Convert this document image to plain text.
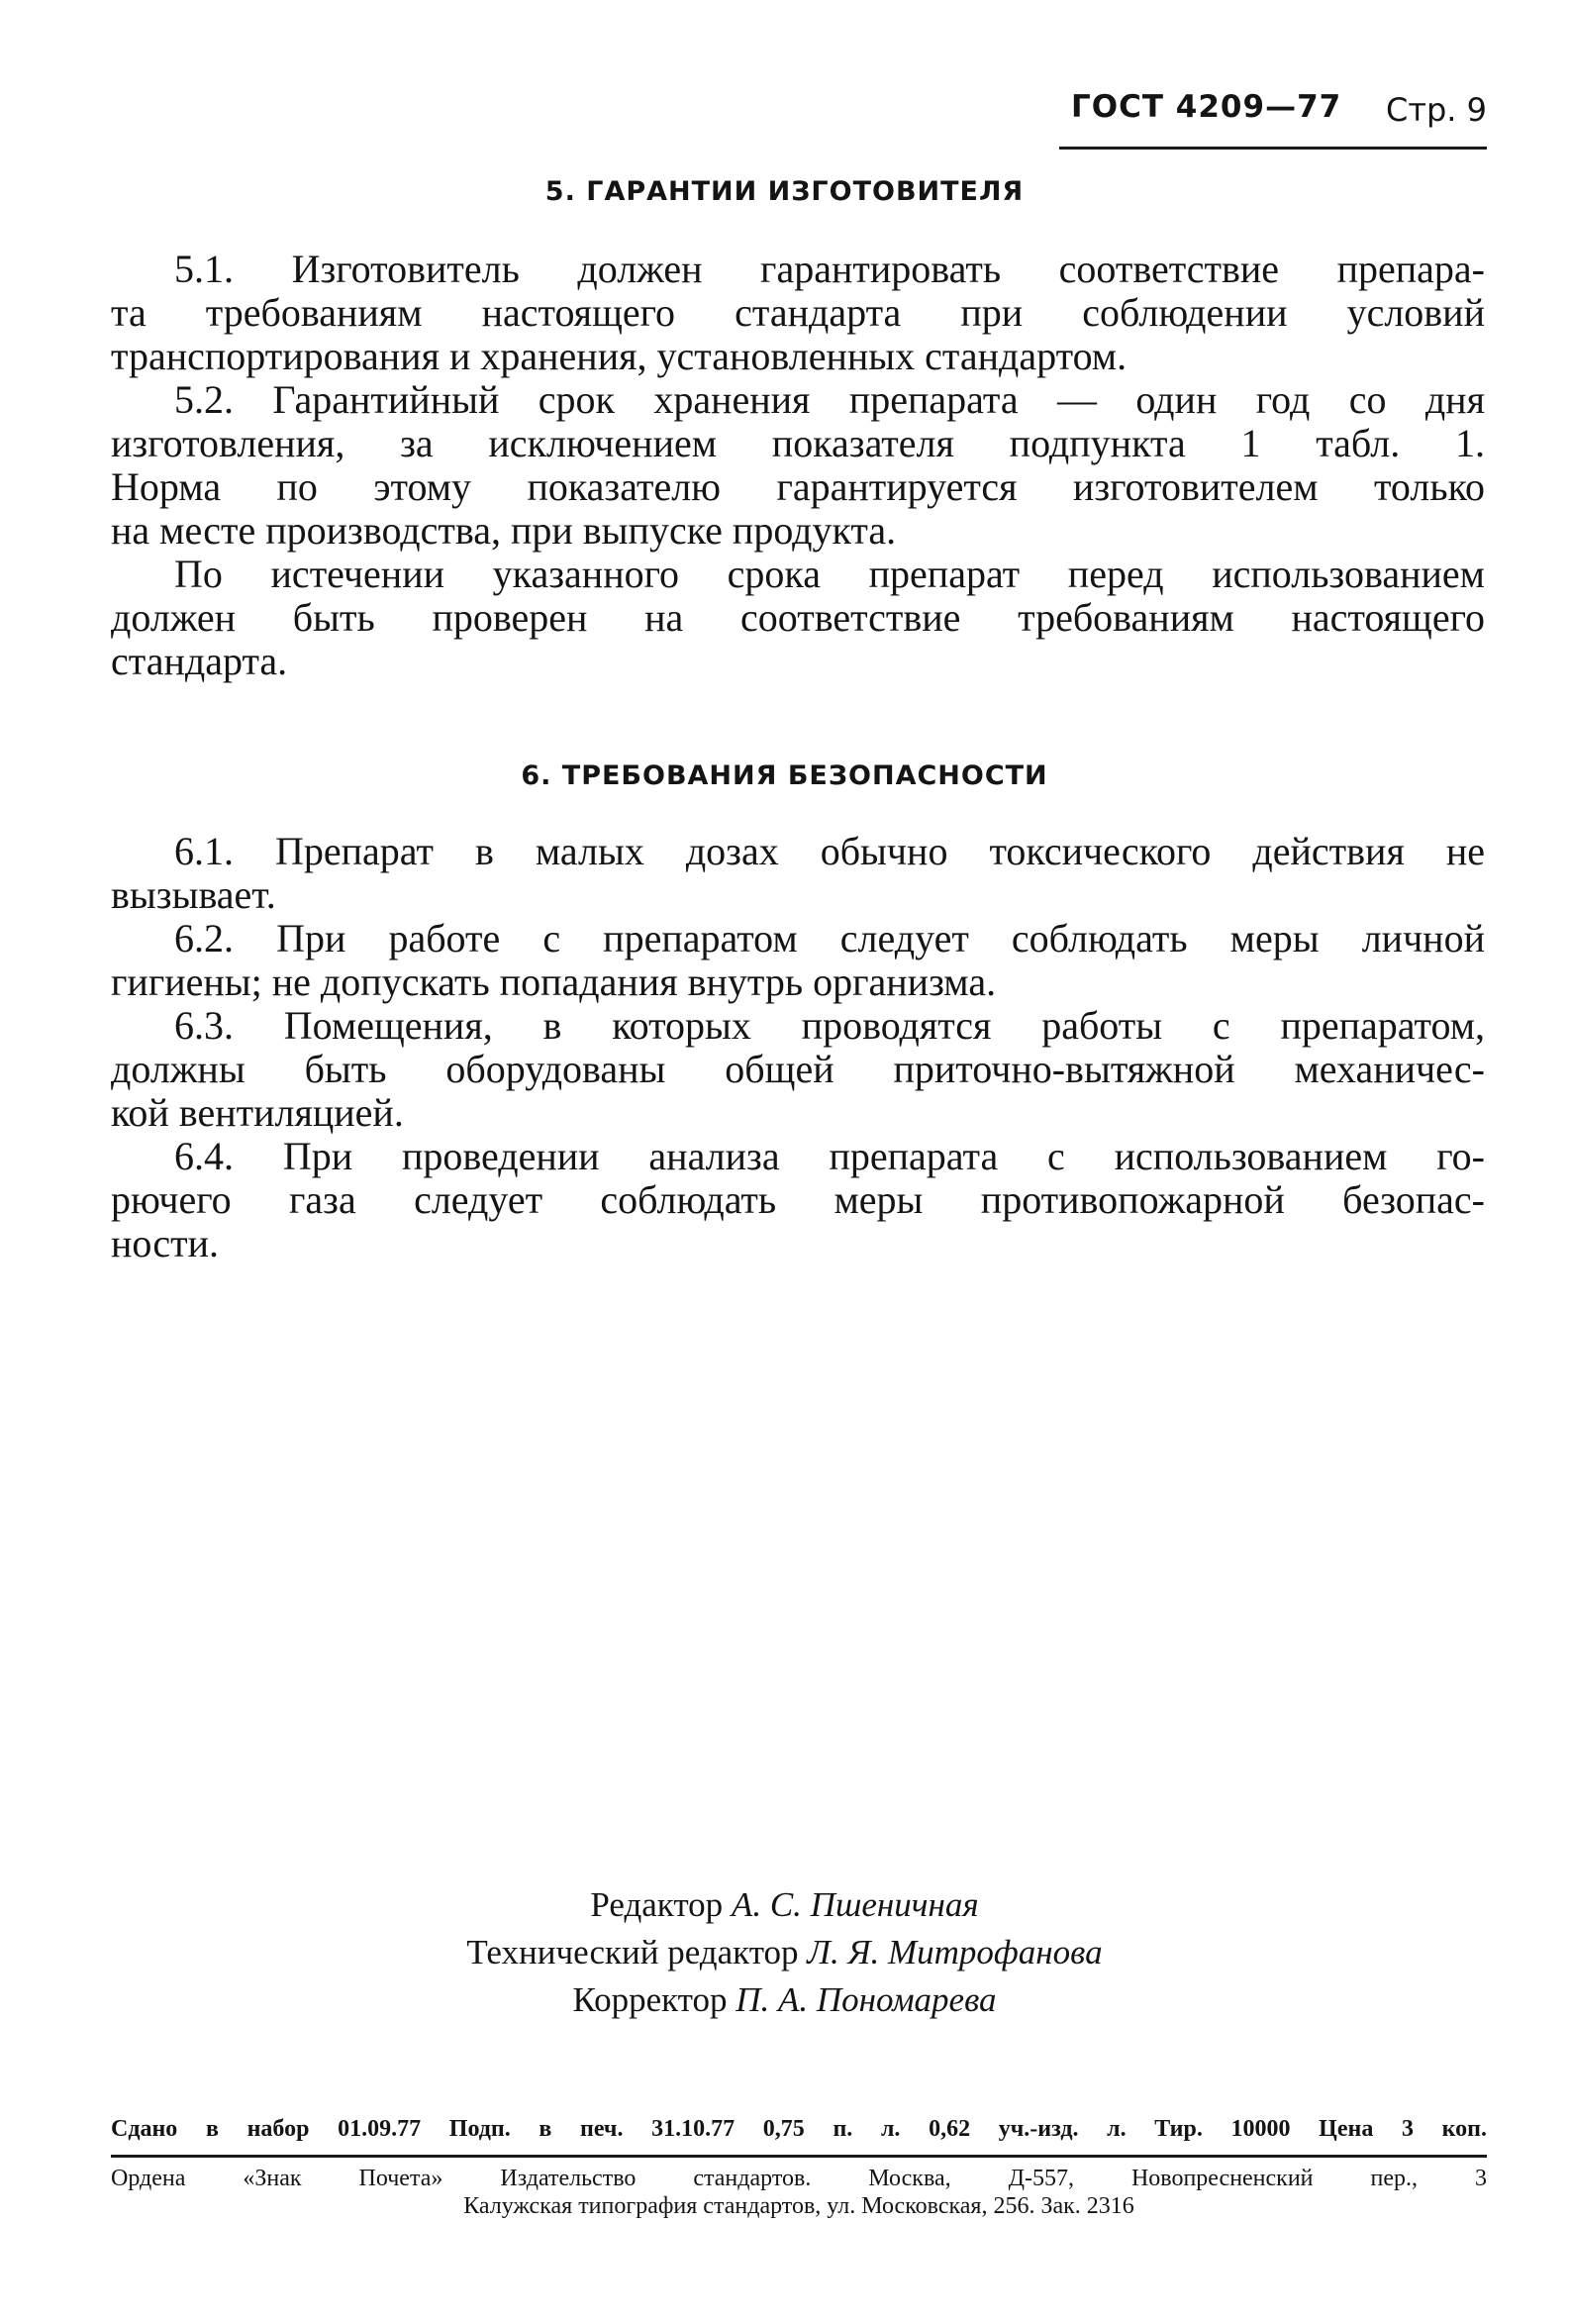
ГОСТ 4209—77 Стр. 9
5. ГАРАНТИИ ИЗГОТОВИТЕЛЯ
5.1. Изготовитель должен гарантировать соответствие препара-
та требованиям настоящего стандарта при соблюдении условий
транспортирования и хранения, установленных стандартом.
5.2. Гарантийный срок хранения препарата — один год со дня
изготовления, за исключением показателя подпункта 1 табл. 1.
Норма по этому показателю гарантируется изготовителем только
на месте производства, при выпуске продукта.
По истечении указанного срока препарат перед использованием
должен быть проверен на соответствие требованиям настоящего
стандарта.
6. ТРЕБОВАНИЯ БЕЗОПАСНОСТИ
6.1. Препарат в малых дозах обычно токсического действия не
вызывает.
6.2. При работе с препаратом следует соблюдать меры личной
гигиены; не допускать попадания внутрь организма.
6.3. Помещения, в которых проводятся работы с препаратом,
должны быть оборудованы общей приточно-вытяжной механичес-
кой вентиляцией.
6.4. При проведении анализа препарата с использованием го-
рючего газа следует соблюдать меры противопожарной безопас-
ности.
Редактор А. С. Пшеничная
Технический редактор Л. Я. Митрофанова
Корректор П. А. Пономарева
Сдано в набор 01.09.77 Подп. в печ. 31.10.77 0,75 п. л. 0,62 уч.-изд. л. Тир. 10000 Цена 3 коп.
Ордена «Знак Почета» Издательство стандартов. Москва, Д-557, Новопресненский пер., 3
Калужская типография стандартов, ул. Московская, 256. Зак. 2316
